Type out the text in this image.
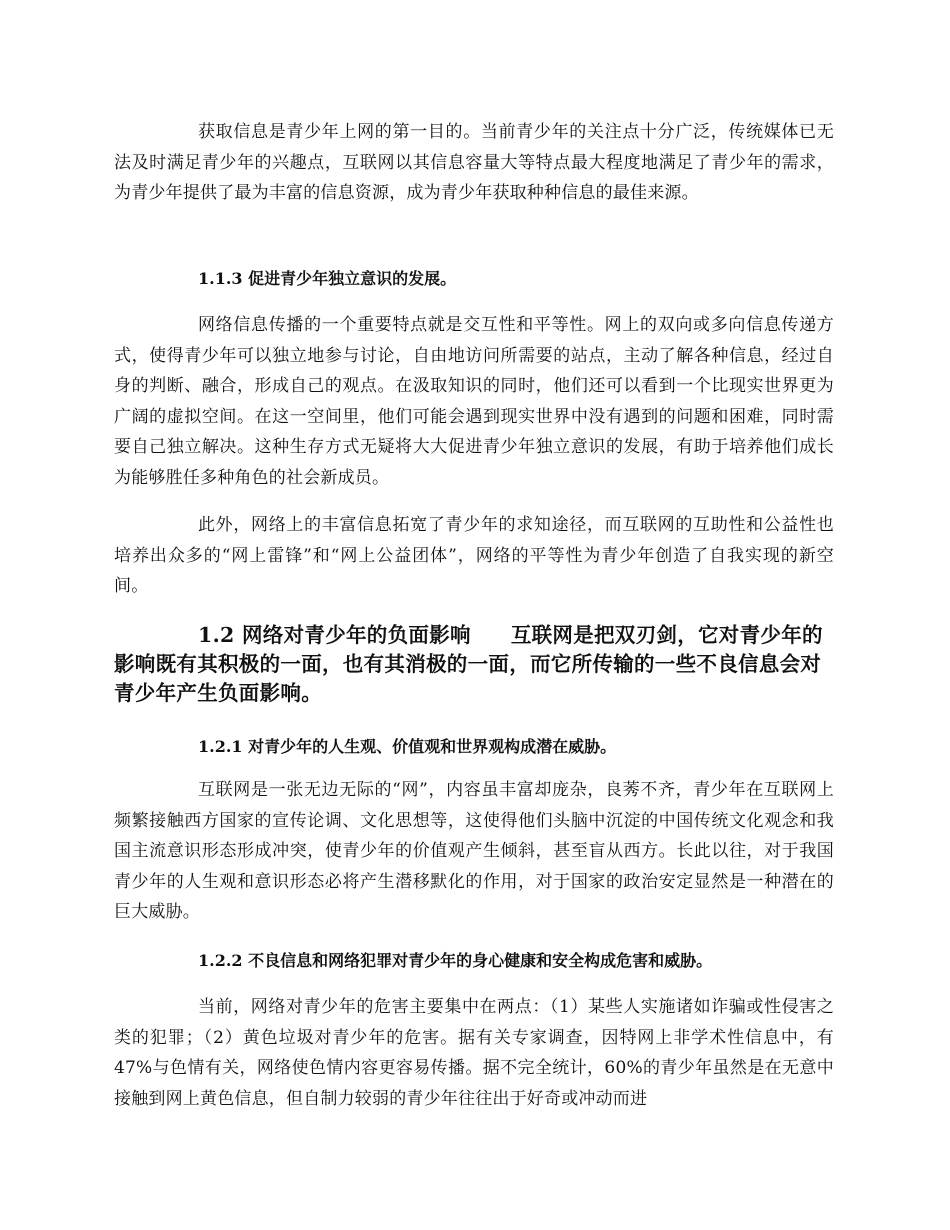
获取信息是青少年上网的第一目的。当前青少年的关注点十分广泛，传统媒体已无法及时满足青少年的兴趣点，互联网以其信息容量大等特点最大程度地满足了青少年的需求，为青少年提供了最为丰富的信息资源，成为青少年获取种种信息的最佳来源。

1.1.3 促进青少年独立意识的发展。

网络信息传播的一个重要特点就是交互性和平等性。网上的双向或多向信息传递方式，使得青少年可以独立地参与讨论，自由地访问所需要的站点，主动了解各种信息，经过自身的判断、融合，形成自己的观点。在汲取知识的同时，他们还可以看到一个比现实世界更为广阔的虚拟空间。在这一空间里，他们可能会遇到现实世界中没有遇到的问题和困难，同时需要自己独立解决。这种生存方式无疑将大大促进青少年独立意识的发展，有助于培养他们成长为能够胜任多种角色的社会新成员。

此外，网络上的丰富信息拓宽了青少年的求知途径，而互联网的互助性和公益性也培养出众多的“网上雷锋”和“网上公益团体”，网络的平等性为青少年创造了自我实现的新空间。

1.2 网络对青少年的负面影响 互联网是把双刃剑，它对青少年的影响既有其积极的一面，也有其消极的一面，而它所传输的一些不良信息会对青少年产生负面影响。

1.2.1 对青少年的人生观、价值观和世界观构成潜在威胁。

互联网是一张无边无际的“网”，内容虽丰富却庞杂，良莠不齐，青少年在互联网上频繁接触西方国家的宣传论调、文化思想等，这使得他们头脑中沉淀的中国传统文化观念和我国主流意识形态形成冲突，使青少年的价值观产生倾斜，甚至盲从西方。长此以往，对于我国青少年的人生观和意识形态必将产生潜移默化的作用，对于国家的政治安定显然是一种潜在的巨大威胁。

1.2.2 不良信息和网络犯罪对青少年的身心健康和安全构成危害和威胁。

当前，网络对青少年的危害主要集中在两点：（1）某些人实施诸如诈骗或性侵害之类的犯罪；（2）黄色垃圾对青少年的危害。据有关专家调查，因特网上非学术性信息中，有 47%与色情有关，网络使色情内容更容易传播。据不完全统计，60%的青少年虽然是在无意中接触到网上黄色信息，但自制力较弱的青少年往往出于好奇或冲动而进
